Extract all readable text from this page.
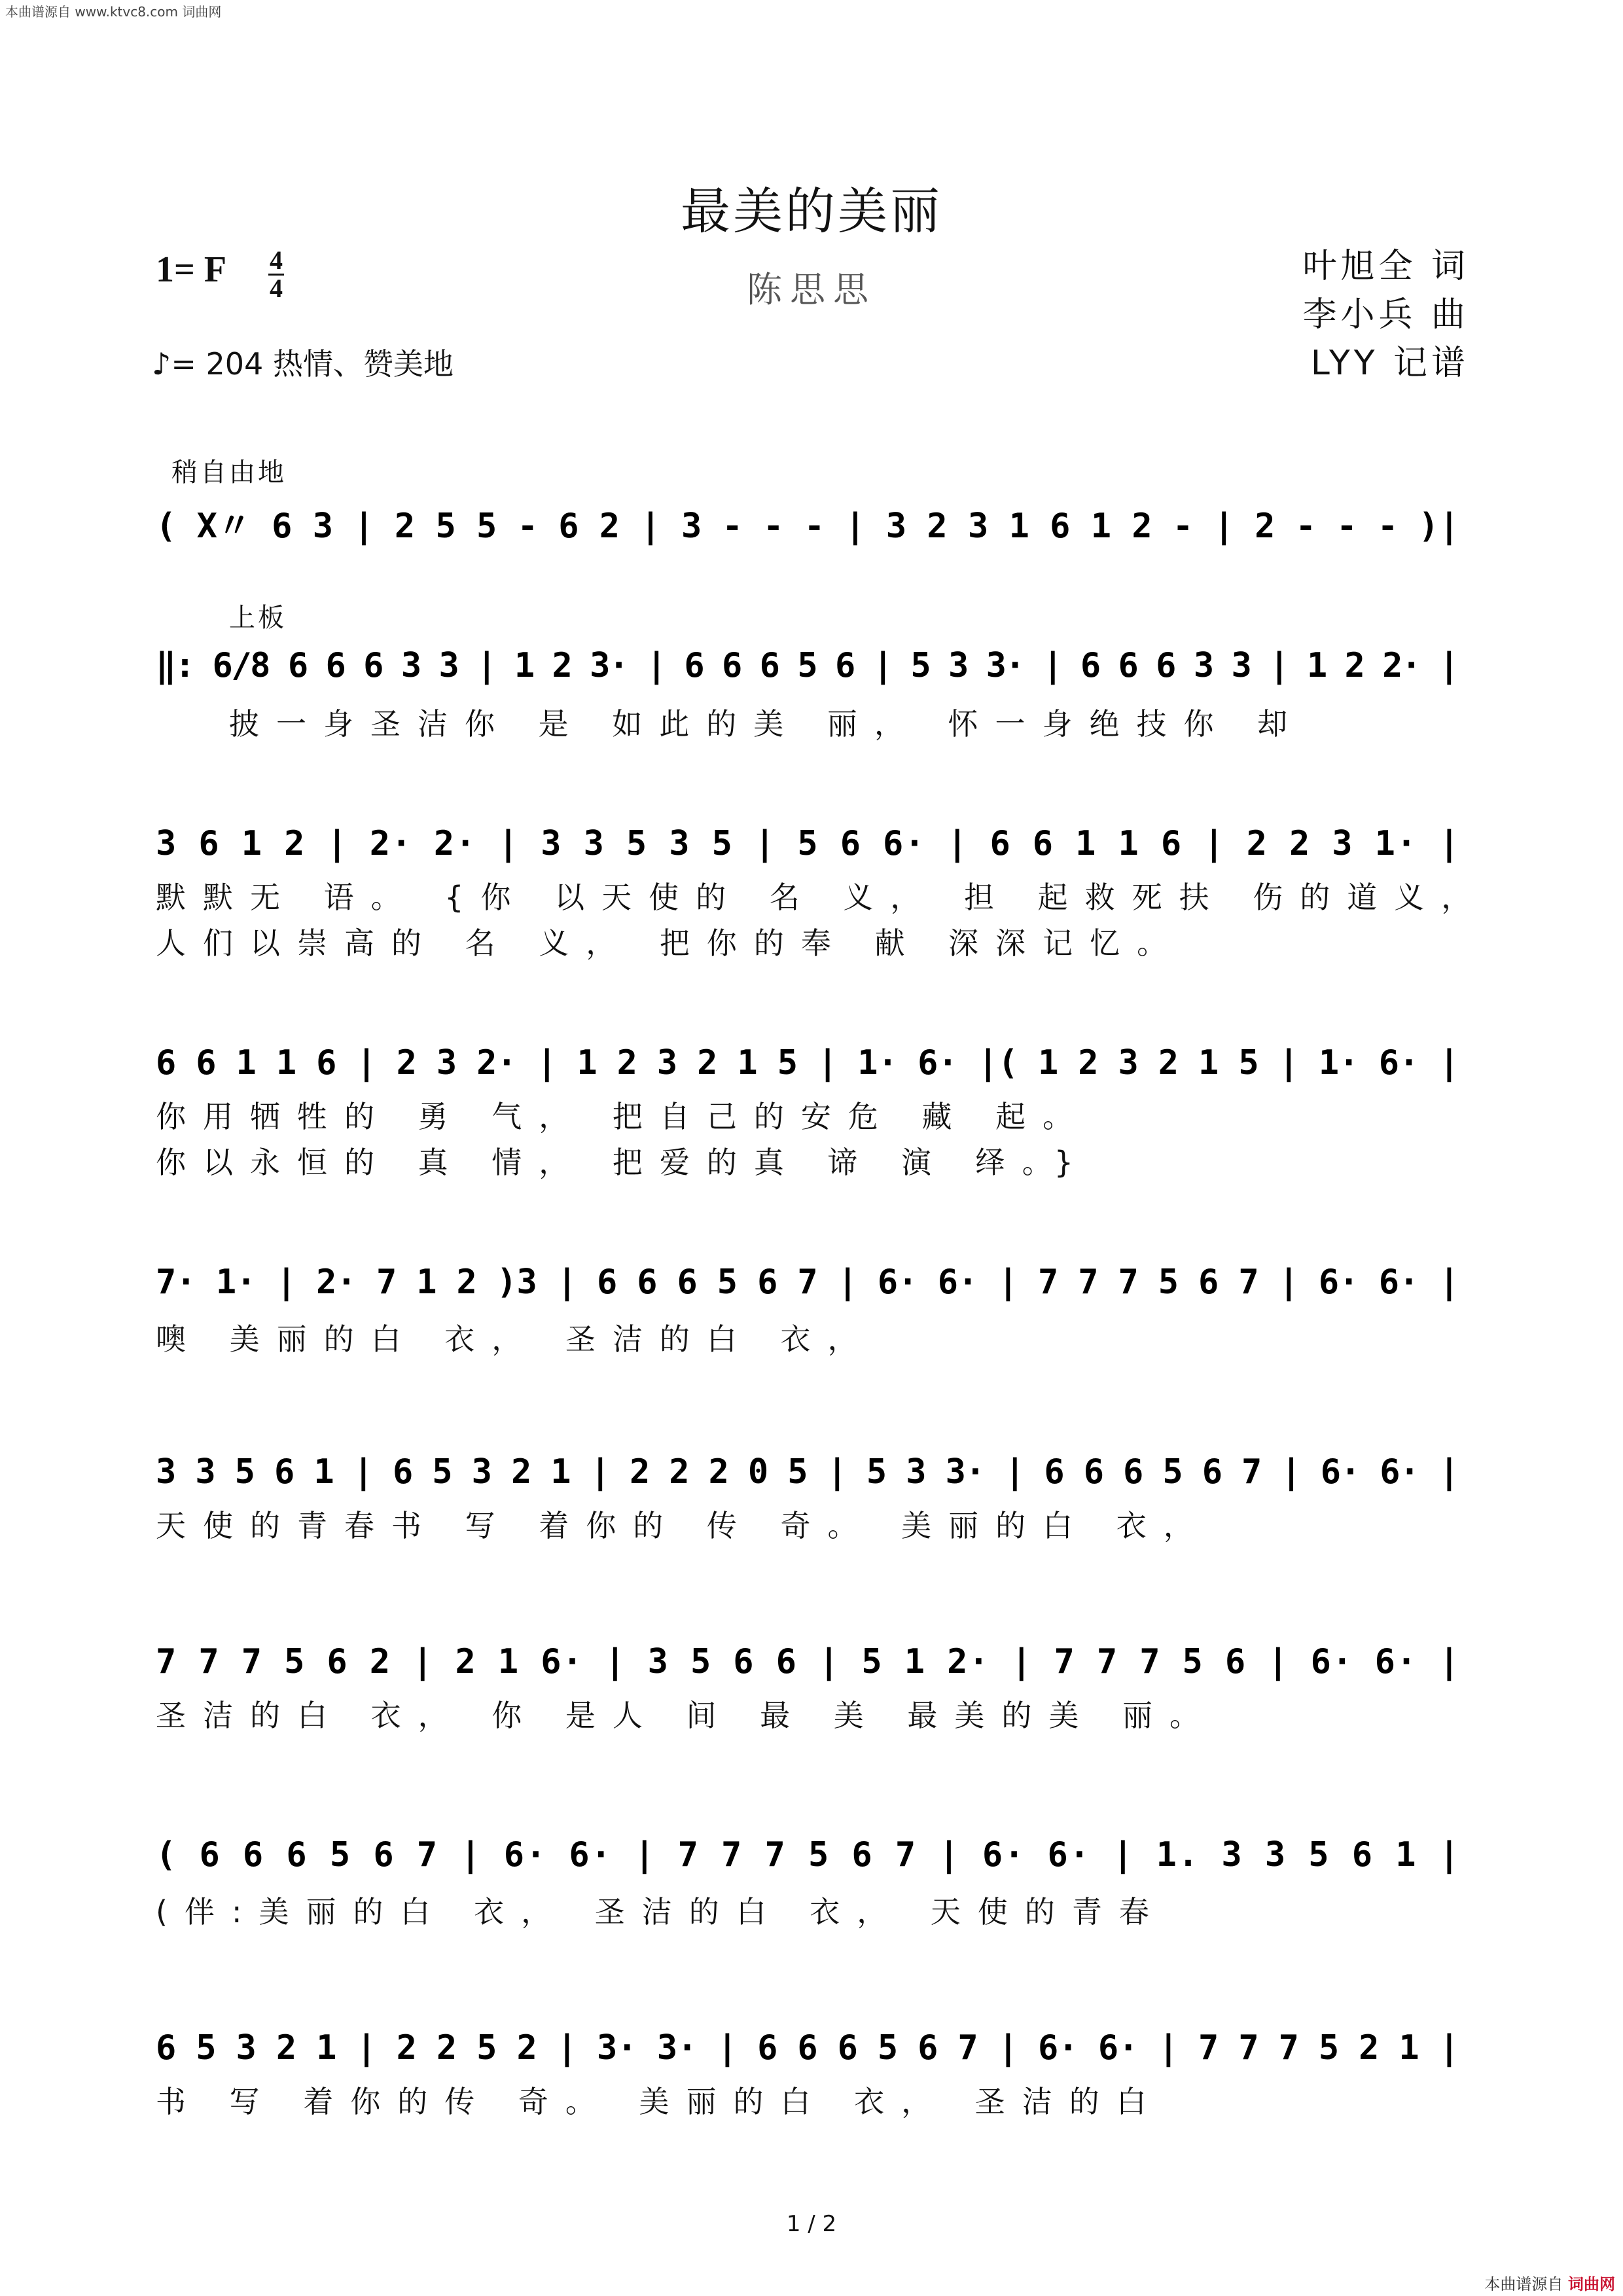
本曲谱源自 www.ktvc8.com 词曲网
最美的美丽
陈思思
1= F $\frac{4}{4}$
♪= 204 热情、赞美地
叶旭全 词
李小兵 曲
LYY 记谱
稍自由地
( X〃 6 3 | 2 5 5 - 6 2 | 3 - - - | 3 2 3 1 6 1 2 - | 2 - - - )|
上板
‖: 6/8 6 6 6 3 3 | 1 2 3· | 6 6 6 5 6 | 5 3 3· | 6 6 6 3 3 | 1 2 2· |
披一身圣洁你 是 如此的美 丽， 怀一身绝技你 却
3 6 1 2 | 2· 2· | 3 3 5 3 5 | 5 6 6· | 6 6 1 1 6 | 2 2 3 1· |
默默无 语。 {你 以天使的 名 义， 担 起救死扶 伤的道义，
人们以崇高的 名 义， 把你的奉 献 深深记忆。
6 6 1 1 6 | 2 3 2· | 1 2 3 2 1 5 | 1· 6· |( 1 2 3 2 1 5 | 1· 6· |
你用牺牲的 勇 气， 把自己的安危 藏 起。
你以永恒的 真 情， 把爱的真 谛 演 绎。}
7· 1· | 2· 7 1 2 )3 | 6 6 6 5 6 7 | 6· 6· | 7 7 7 5 6 7 | 6· 6· |
噢 美丽的白 衣， 圣洁的白 衣，
3 3 5 6 1 | 6 5 3 2 1 | 2 2 2 0 5 | 5 3 3· | 6 6 6 5 6 7 | 6· 6· |
天使的青春书 写 着你的 传 奇。 美丽的白 衣，
7 7 7 5 6 2 | 2 1 6· | 3 5 6 6 | 5 1 2· | 7 7 7 5 6 | 6· 6· |
圣洁的白 衣， 你 是人 间 最 美 最美的美 丽。
( 6 6 6 5 6 7 | 6· 6· | 7 7 7 5 6 7 | 6· 6· | 1. 3 3 5 6 1 |
(伴:美丽的白 衣， 圣洁的白 衣， 天使的青春
6 5 3 2 1 | 2 2 5 2 | 3· 3· | 6 6 6 5 6 7 | 6· 6· | 7 7 7 5 2 1 |
书 写 着你的传 奇。 美丽的白 衣， 圣洁的白
1 / 2
本曲谱源自 词曲网
